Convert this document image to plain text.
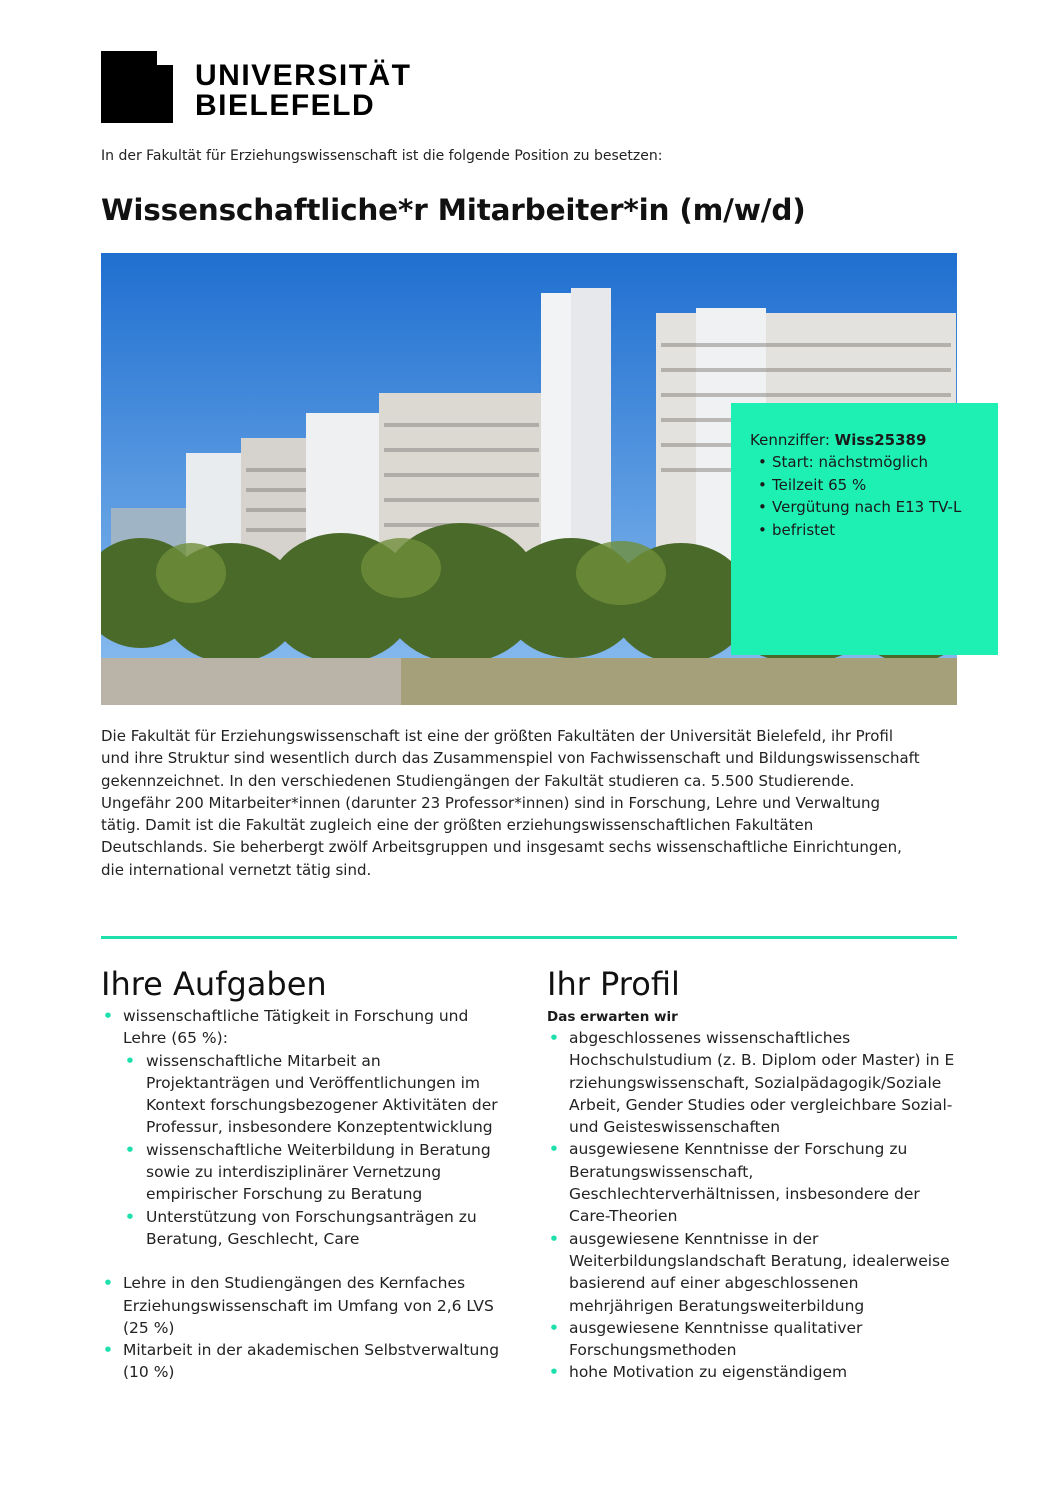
UNIVERSITÄT
BIELEFELD
In der Fakultät für Erziehungswissenschaft ist die folgende Position zu besetzen:
Wissenschaftliche*r Mitarbeiter*in (m/w/d)
Kennziffer: Wiss25389
• Start: nächstmöglich
• Teilzeit 65 %
• Vergütung nach E13 TV-L
• befristet
Die Fakultät für Erziehungswissenschaft ist eine der größten Fakultäten der Universität Bielefeld, ihr Profil
und ihre Struktur sind wesentlich durch das Zusammenspiel von Fachwissenschaft und Bildungswissenschaft
gekennzeichnet. In den verschiedenen Studiengängen der Fakultät studieren ca. 5.500 Studierende.
Ungefähr 200 Mitarbeiter*innen (darunter 23 Professor*innen) sind in Forschung, Lehre und Verwaltung
tätig. Damit ist die Fakultät zugleich eine der größten erziehungswissenschaftlichen Fakultäten
Deutschlands. Sie beherbergt zwölf Arbeitsgruppen und insgesamt sechs wissenschaftliche Einrichtungen,
die international vernetzt tätig sind.
Ihre Aufgaben
• wissenschaftliche Tätigkeit in Forschung und
Lehre (65 %):
• wissenschaftliche Mitarbeit an
Projektanträgen und Veröffentlichungen im
Kontext forschungsbezogener Aktivitäten der
Professur, insbesondere Konzeptentwicklung
• wissenschaftliche Weiterbildung in Beratung
sowie zu interdisziplinärer Vernetzung
empirischer Forschung zu Beratung
• Unterstützung von Forschungsanträgen zu
Beratung, Geschlecht, Care
• Lehre in den Studiengängen des Kernfaches
Erziehungswissenschaft im Umfang von 2,6 LVS
(25 %)
• Mitarbeit in der akademischen Selbstverwaltung
(10 %)
Ihr Profil
Das erwarten wir
• abgeschlossenes wissenschaftliches
Hochschulstudium (z. B. Diplom oder Master) in E
rziehungswissenschaft, Sozialpädagogik/Soziale
Arbeit, Gender Studies oder vergleichbare Sozial-
und Geisteswissenschaften
• ausgewiesene Kenntnisse der Forschung zu
Beratungswissenschaft,
Geschlechterverhältnissen, insbesondere der
Care-Theorien
• ausgewiesene Kenntnisse in der
Weiterbildungslandschaft Beratung, idealerweise
basierend auf einer abgeschlossenen
mehrjährigen Beratungsweiterbildung
• ausgewiesene Kenntnisse qualitativer
Forschungsmethoden
• hohe Motivation zu eigenständigem
